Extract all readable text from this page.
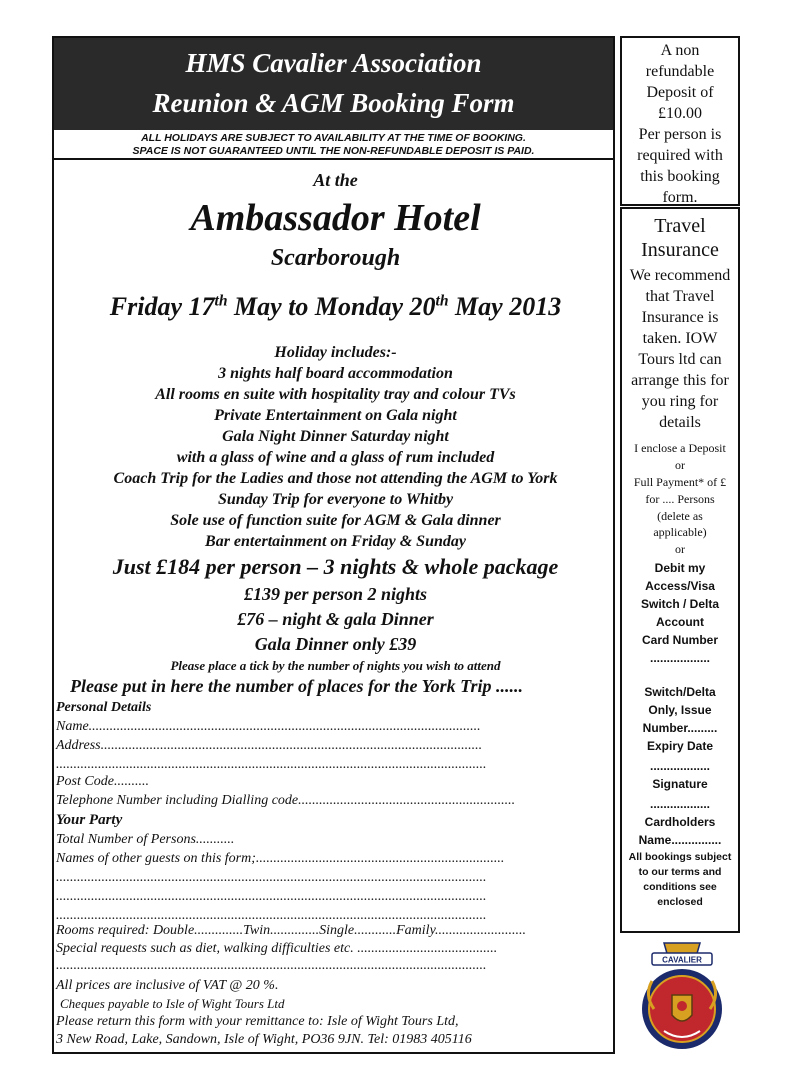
HMS Cavalier Association
Reunion & AGM Booking Form
ALL HOLIDAYS ARE SUBJECT TO AVAILABILITY AT THE TIME OF BOOKING.
SPACE IS NOT GUARANTEED UNTIL THE NON-REFUNDABLE DEPOSIT IS PAID.
At the
Ambassador Hotel
Scarborough
Friday 17th May to Monday 20th May 2013
Holiday includes:-
3 nights half board accommodation
All rooms en suite with hospitality tray and colour TVs
Private Entertainment on Gala night
Gala Night Dinner Saturday night
with a glass of wine and a glass of rum included
Coach Trip for the Ladies and those not attending the AGM to York
Sunday Trip for everyone to Whitby
Sole use of function suite for AGM & Gala dinner
Bar entertainment on Friday & Sunday
Just £184 per person – 3 nights & whole package
£139 per person 2 nights
£76 – night & gala Dinner
Gala Dinner only £39
Please place a tick by the number of nights you wish to attend
Please put in here the number of places for the York Trip ......
Personal Details
Name................................................................................................................
Address.............................................................................................................
...........................................................................................................................
Post Code..........
Telephone Number including Dialling code..............................................................
Your Party
Total Number of Persons...........
Names of other guests on this form;.......................................................................
...........................................................................................................................
...........................................................................................................................
...........................................................................................................................
Rooms required: Double..............Twin..............Single............Family..........................
Special requests such as diet, walking difficulties etc. ........................................
...........................................................................................................................
All prices are inclusive of VAT @ 20 %.
Cheques payable to Isle of Wight Tours Ltd
Please return this form with your remittance to: Isle of Wight Tours Ltd,
3 New Road, Lake, Sandown, Isle of Wight, PO36 9JN. Tel: 01983 405116
A non
refundable
Deposit of
£10.00
Per person is
required with
this booking
form.
Travel
Insurance
We recommend
that Travel
Insurance is
taken. IOW
Tours ltd can
arrange this for
you ring for
details
I enclose a Deposit
or
Full Payment* of £
for .... Persons
(delete as
applicable)
or
Debit my
Access/Visa
Switch / Delta
Account
Card Number
..................
Switch/Delta
Only, Issue
Number.........
Expiry Date
..................
Signature
..................
Cardholders
Name...............
All bookings subject
to our terms and
conditions see
enclosed
CAVALIER
